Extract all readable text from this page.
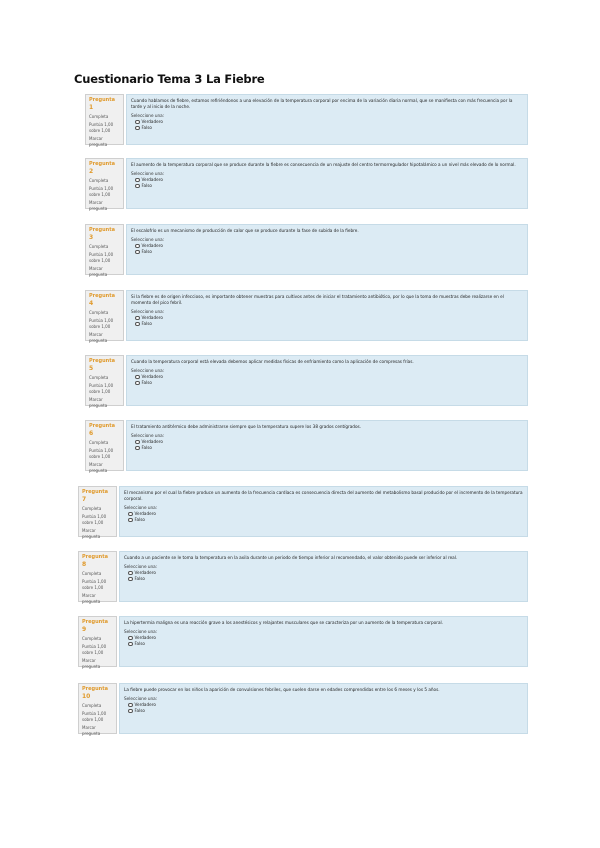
Cuestionario Tema 3 La Fiebre
Pregunta 1
Completa
Puntúa 1,00 sobre 1,00
Marcar pregunta
Cuando hablamos de fiebre, estamos refiriéndonos a una elevación de la temperatura corporal por encima de la variación diaria normal, que se manifiesta con más frecuencia por la tarde y al inicio de la noche.
Seleccione una:
Verdadero
Falso
Pregunta 2
Completa
Puntúa 1,00 sobre 1,00
Marcar pregunta
El aumento de la temperatura corporal que se produce durante la fiebre es consecuencia de un reajuste del centro termorregulador hipotalámico a un nivel más elevado de lo normal.
Seleccione una:
Verdadero
Falso
Pregunta 3
Completa
Puntúa 1,00 sobre 1,00
Marcar pregunta
El escalofrío es un mecanismo de producción de calor que se produce durante la fase de subida de la fiebre.
Seleccione una:
Verdadero
Falso
Pregunta 4
Completa
Puntúa 1,00 sobre 1,00
Marcar pregunta
Si la fiebre es de origen infeccioso, es importante obtener muestras para cultivos antes de iniciar el tratamiento antibiótico, por lo que la toma de muestras debe realizarse en el momento del pico febril.
Seleccione una:
Verdadero
Falso
Pregunta 5
Completa
Puntúa 1,00 sobre 1,00
Marcar pregunta
Cuando la temperatura corporal está elevada debemos aplicar medidas físicas de enfriamiento como la aplicación de compresas frías.
Seleccione una:
Verdadero
Falso
Pregunta 6
Completa
Puntúa 1,00 sobre 1,00
Marcar pregunta
El tratamiento antitérmico debe administrarse siempre que la temperatura supere los 38 grados centígrados.
Seleccione una:
Verdadero
Falso
Pregunta 7
Completa
Puntúa 1,00 sobre 1,00
Marcar pregunta
El mecanismo por el cual la fiebre produce un aumento de la frecuencia cardíaca es consecuencia directa del aumento del metabolismo basal producido por el incremento de la temperatura corporal.
Seleccione una:
Verdadero
Falso
Pregunta 8
Completa
Puntúa 1,00 sobre 1,00
Marcar pregunta
Cuando a un paciente se le toma la temperatura en la axila durante un periodo de tiempo inferior al recomendado, el valor obtenido puede ser inferior al real.
Seleccione una:
Verdadero
Falso
Pregunta 9
Completa
Puntúa 1,00 sobre 1,00
Marcar pregunta
La hipertermia maligna es una reacción grave a los anestésicos y relajantes musculares que se caracteriza por un aumento de la temperatura corporal.
Seleccione una:
Verdadero
Falso
Pregunta 10
Completa
Puntúa 1,00 sobre 1,00
Marcar pregunta
La fiebre puede provocar en los niños la aparición de convulsiones febriles, que suelen darse en edades comprendidas entre los 6 meses y los 5 años.
Seleccione una:
Verdadero
Falso
